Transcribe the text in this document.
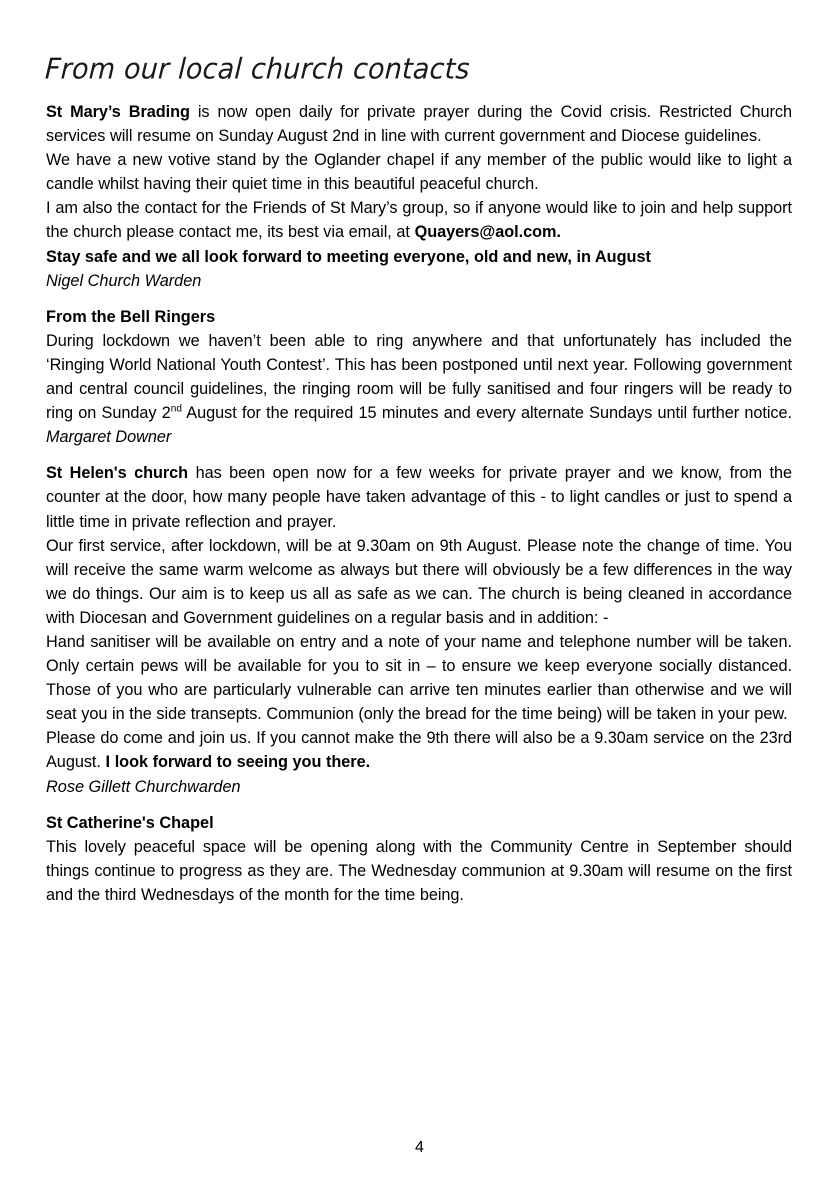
From our local church contacts

St Mary’s Brading is now open daily for private prayer during the Covid crisis. Restricted Church services will resume on Sunday August 2nd in line with current government and Diocese guidelines.

We have a new votive stand by the Oglander chapel if any member of the public would like to light a candle whilst having their quiet time in this beautiful peaceful church.

I am also the contact for the Friends of St Mary’s group, so if anyone would like to join and help support the church please contact me, its best via email, at Quayers@aol.com.

Stay safe and we all look forward to meeting everyone, old and new, in August

Nigel Church Warden

From the Bell Ringers

During lockdown we haven’t been able to ring anywhere and that unfortunately has included the ‘Ringing World National Youth Contest’. This has been postponed until next year. Following government and central council guidelines, the ringing room will be fully sanitised and four ringers will be ready to ring on Sunday 2nd August for the required 15 minutes and every alternate Sundays until further notice. Margaret Downer

St Helen's church has been open now for a few weeks for private prayer and we know, from the counter at the door, how many people have taken advantage of this - to light candles or just to spend a little time in private reflection and prayer.

Our first service, after lockdown, will be at 9.30am on 9th August. Please note the change of time. You will receive the same warm welcome as always but there will obviously be a few differences in the way we do things. Our aim is to keep us all as safe as we can. The church is being cleaned in accordance with Diocesan and Government guidelines on a regular basis and in addition: -

Hand sanitiser will be available on entry and a note of your name and telephone number will be taken. Only certain pews will be available for you to sit in – to ensure we keep everyone socially distanced. Those of you who are particularly vulnerable can arrive ten minutes earlier than otherwise and we will seat you in the side transepts. Communion (only the bread for the time being) will be taken in your pew.

Please do come and join us. If you cannot make the 9th there will also be a 9.30am service on the 23rd August. I look forward to seeing you there.

Rose Gillett Churchwarden

St Catherine's Chapel

This lovely peaceful space will be opening along with the Community Centre in September should things continue to progress as they are. The Wednesday communion at 9.30am will resume on the first and the third Wednesdays of the month for the time being.

4
